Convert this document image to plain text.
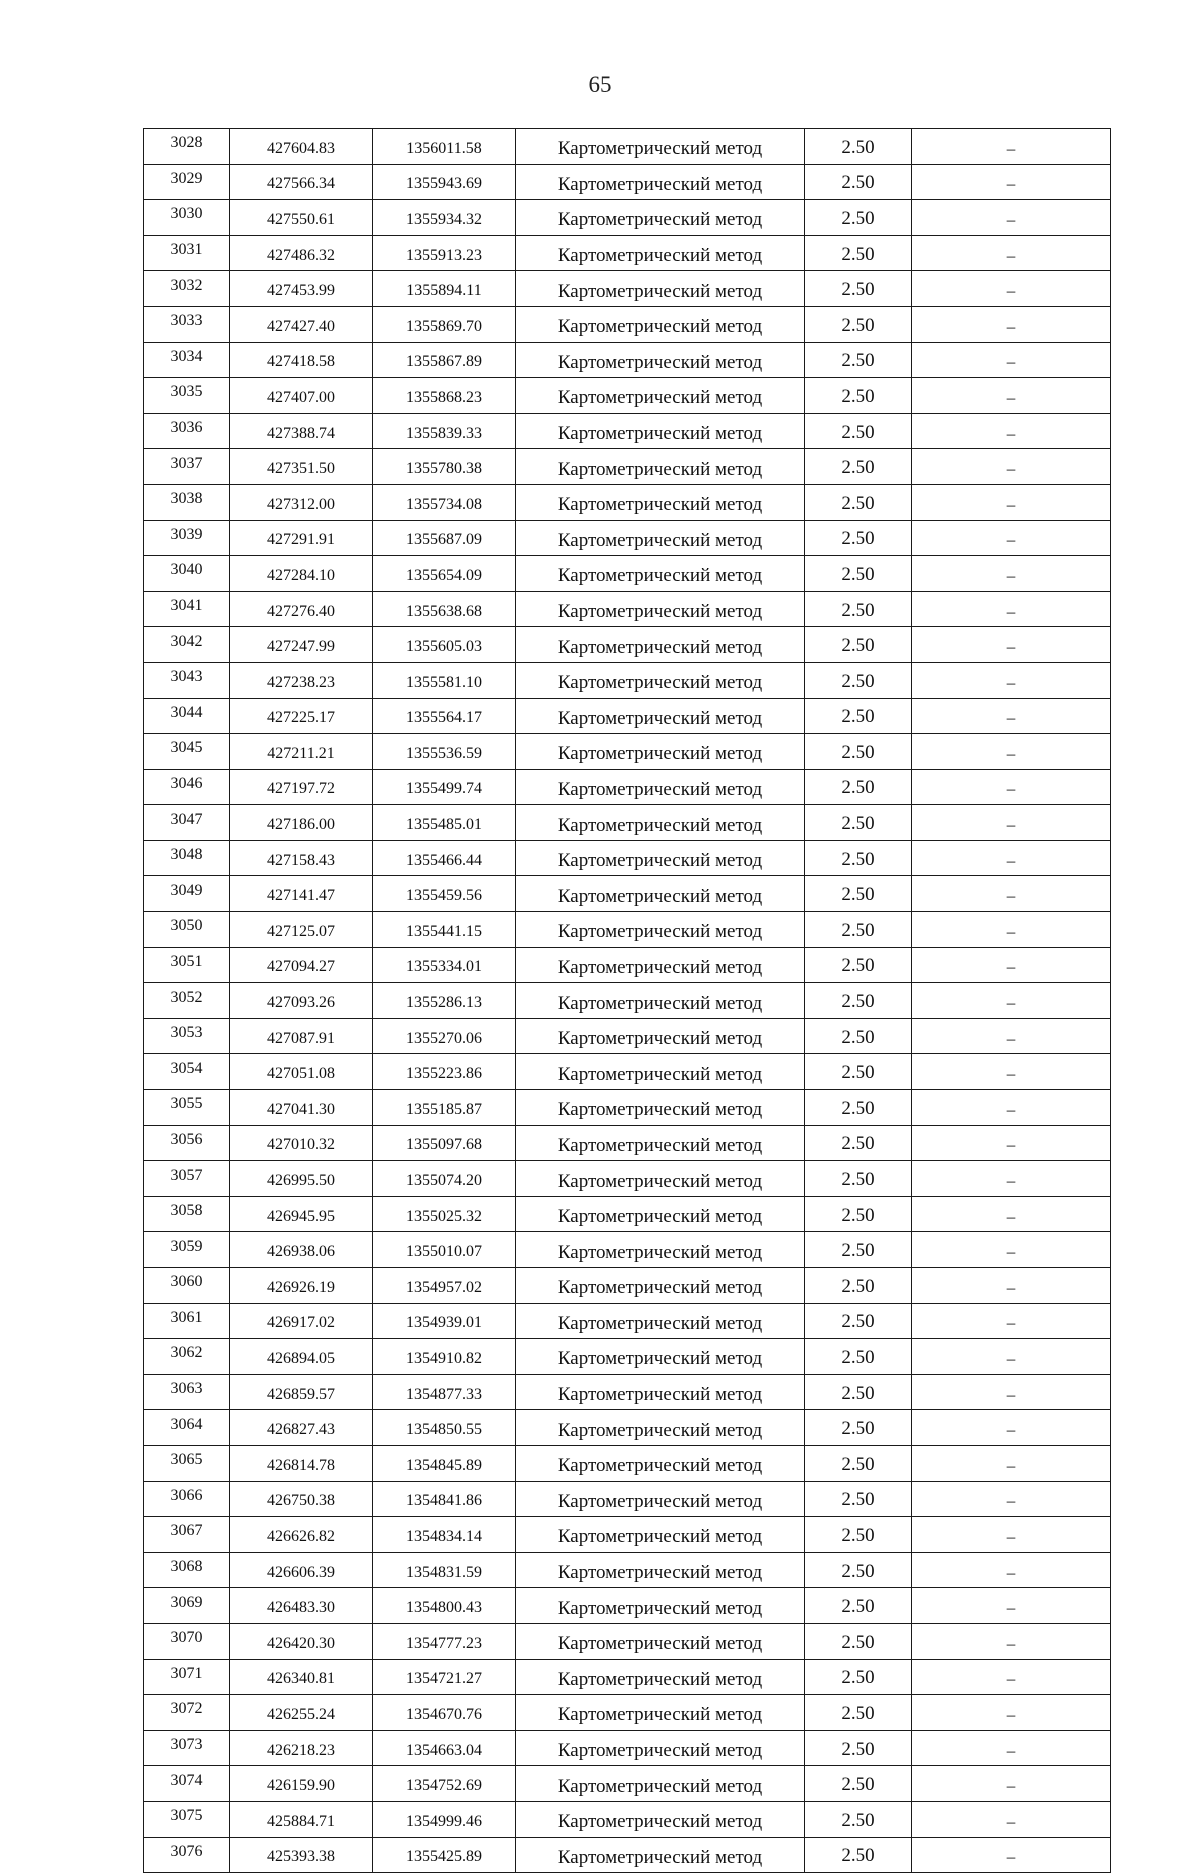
65
3028	427604.83	1356011.58	Картометрический метод	2.50	–
3029	427566.34	1355943.69	Картометрический метод	2.50	–
3030	427550.61	1355934.32	Картометрический метод	2.50	–
3031	427486.32	1355913.23	Картометрический метод	2.50	–
3032	427453.99	1355894.11	Картометрический метод	2.50	–
3033	427427.40	1355869.70	Картометрический метод	2.50	–
3034	427418.58	1355867.89	Картометрический метод	2.50	–
3035	427407.00	1355868.23	Картометрический метод	2.50	–
3036	427388.74	1355839.33	Картометрический метод	2.50	–
3037	427351.50	1355780.38	Картометрический метод	2.50	–
3038	427312.00	1355734.08	Картометрический метод	2.50	–
3039	427291.91	1355687.09	Картометрический метод	2.50	–
3040	427284.10	1355654.09	Картометрический метод	2.50	–
3041	427276.40	1355638.68	Картометрический метод	2.50	–
3042	427247.99	1355605.03	Картометрический метод	2.50	–
3043	427238.23	1355581.10	Картометрический метод	2.50	–
3044	427225.17	1355564.17	Картометрический метод	2.50	–
3045	427211.21	1355536.59	Картометрический метод	2.50	–
3046	427197.72	1355499.74	Картометрический метод	2.50	–
3047	427186.00	1355485.01	Картометрический метод	2.50	–
3048	427158.43	1355466.44	Картометрический метод	2.50	–
3049	427141.47	1355459.56	Картометрический метод	2.50	–
3050	427125.07	1355441.15	Картометрический метод	2.50	–
3051	427094.27	1355334.01	Картометрический метод	2.50	–
3052	427093.26	1355286.13	Картометрический метод	2.50	–
3053	427087.91	1355270.06	Картометрический метод	2.50	–
3054	427051.08	1355223.86	Картометрический метод	2.50	–
3055	427041.30	1355185.87	Картометрический метод	2.50	–
3056	427010.32	1355097.68	Картометрический метод	2.50	–
3057	426995.50	1355074.20	Картометрический метод	2.50	–
3058	426945.95	1355025.32	Картометрический метод	2.50	–
3059	426938.06	1355010.07	Картометрический метод	2.50	–
3060	426926.19	1354957.02	Картометрический метод	2.50	–
3061	426917.02	1354939.01	Картометрический метод	2.50	–
3062	426894.05	1354910.82	Картометрический метод	2.50	–
3063	426859.57	1354877.33	Картометрический метод	2.50	–
3064	426827.43	1354850.55	Картометрический метод	2.50	–
3065	426814.78	1354845.89	Картометрический метод	2.50	–
3066	426750.38	1354841.86	Картометрический метод	2.50	–
3067	426626.82	1354834.14	Картометрический метод	2.50	–
3068	426606.39	1354831.59	Картометрический метод	2.50	–
3069	426483.30	1354800.43	Картометрический метод	2.50	–
3070	426420.30	1354777.23	Картометрический метод	2.50	–
3071	426340.81	1354721.27	Картометрический метод	2.50	–
3072	426255.24	1354670.76	Картометрический метод	2.50	–
3073	426218.23	1354663.04	Картометрический метод	2.50	–
3074	426159.90	1354752.69	Картометрический метод	2.50	–
3075	425884.71	1354999.46	Картометрический метод	2.50	–
3076	425393.38	1355425.89	Картометрический метод	2.50	–
